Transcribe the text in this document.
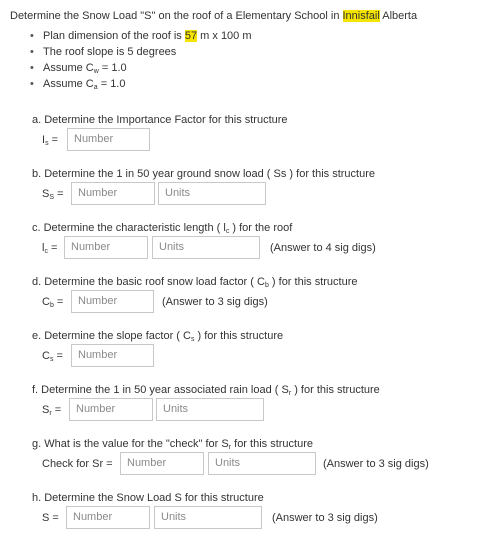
Determine the Snow Load "S" on the roof of a Elementary School in Innisfail Alberta
• Plan dimension of the roof is 57 m x 100 m
• The roof slope is 5 degrees
• Assume $C_w = 1.0$
• Assume $C_a = 1.0$
a. Determine the Importance Factor for this structure
$I_s$ =	Number
b. Determine the 1 in 50 year ground snow load ( Ss ) for this structure
$S_S$ =	Number	Units
c. Determine the characteristic length ( $l_c$ ) for the roof
$l_c$ =	Number	Units	(Answer to 4 sig digs)
d. Determine the basic roof snow load factor ( $C_b$ ) for this structure
$C_b$ =	Number	(Answer to 3 sig digs)
e. Determine the slope factor ( $C_s$ ) for this structure
$C_s$ =	Number
f. Determine the 1 in 50 year associated rain load ( $S_r$ ) for this structure
$S_r$ =	Number	Units
g. What is the value for the "check" for $S_r$ for this structure
Check for Sr =	Number	Units	(Answer to 3 sig digs)
h. Determine the Snow Load S for this structure
S =	Number	Units	(Answer to 3 sig digs)
